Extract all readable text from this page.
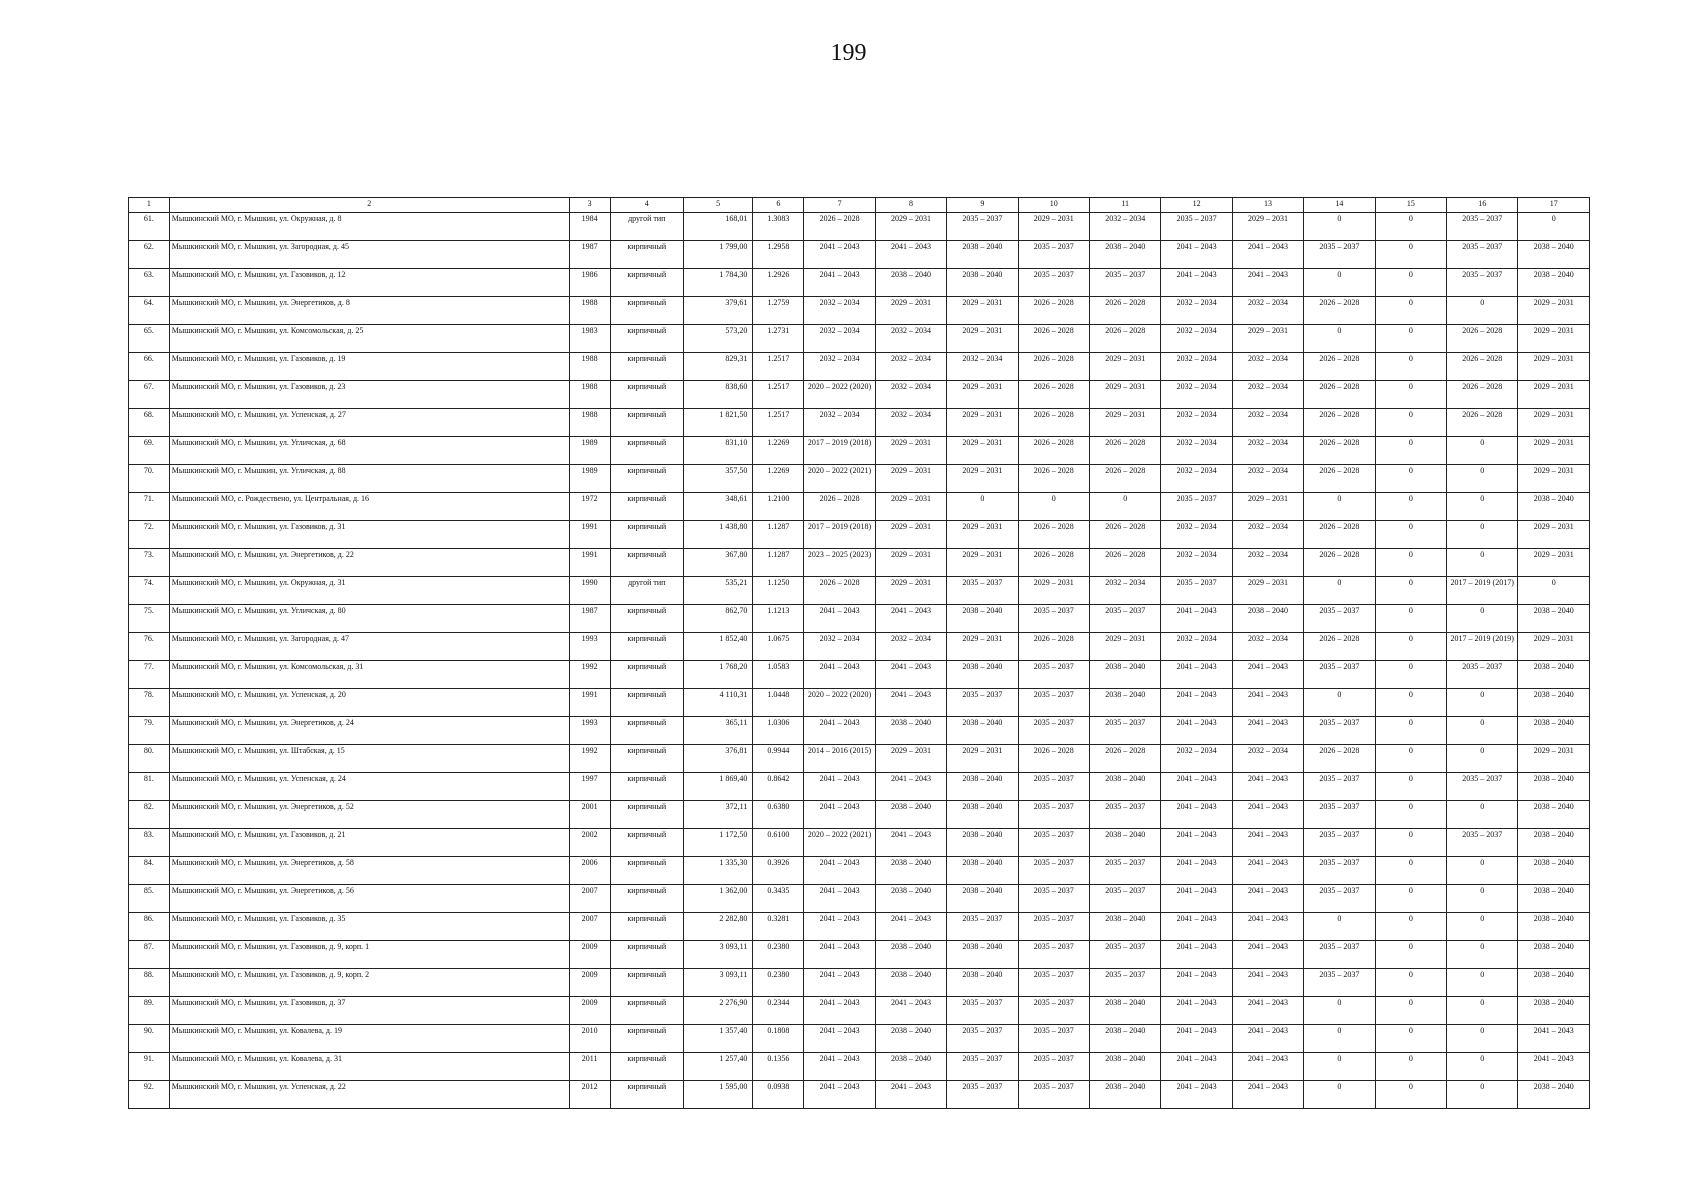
199
1	2	3	4	5	6	7	8	9	10	11	12	13	14	15	16	17
61.	Мышкинский МО, г. Мышкин, ул. Окружная, д. 8	1984	другой тип	168,01	1.3083	2026 – 2028	2029 – 2031	2035 – 2037	2029 – 2031	2032 – 2034	2035 – 2037	2029 – 2031	0	0	2035 – 2037	0
62.	Мышкинский МО, г. Мышкин, ул. Загородная, д. 45	1987	кирпичный	1 799,00	1.2958	2041 – 2043	2041 – 2043	2038 – 2040	2035 – 2037	2038 – 2040	2041 – 2043	2041 – 2043	2035 – 2037	0	2035 – 2037	2038 – 2040
63.	Мышкинский МО, г. Мышкин, ул. Газовиков, д. 12	1986	кирпичный	1 784,30	1.2926	2041 – 2043	2038 – 2040	2038 – 2040	2035 – 2037	2035 – 2037	2041 – 2043	2041 – 2043	0	0	2035 – 2037	2038 – 2040
64.	Мышкинский МО, г. Мышкин, ул. Энергетиков, д. 8	1988	кирпичный	379,61	1.2759	2032 – 2034	2029 – 2031	2029 – 2031	2026 – 2028	2026 – 2028	2032 – 2034	2032 – 2034	2026 – 2028	0	0	2029 – 2031
65.	Мышкинский МО, г. Мышкин, ул. Комсомольская, д. 25	1983	кирпичный	573,20	1.2731	2032 – 2034	2032 – 2034	2029 – 2031	2026 – 2028	2026 – 2028	2032 – 2034	2029 – 2031	0	0	2026 – 2028	2029 – 2031
66.	Мышкинский МО, г. Мышкин, ул. Газовиков, д. 19	1988	кирпичный	829,31	1.2517	2032 – 2034	2032 – 2034	2032 – 2034	2026 – 2028	2029 – 2031	2032 – 2034	2032 – 2034	2026 – 2028	0	2026 – 2028	2029 – 2031
67.	Мышкинский МО, г. Мышкин, ул. Газовиков, д. 23	1988	кирпичный	838,60	1.2517	2020 – 2022 (2020)	2032 – 2034	2029 – 2031	2026 – 2028	2029 – 2031	2032 – 2034	2032 – 2034	2026 – 2028	0	2026 – 2028	2029 – 2031
68.	Мышкинский МО, г. Мышкин, ул. Успенская, д. 27	1988	кирпичный	1 821,50	1.2517	2032 – 2034	2032 – 2034	2029 – 2031	2026 – 2028	2029 – 2031	2032 – 2034	2032 – 2034	2026 – 2028	0	2026 – 2028	2029 – 2031
69.	Мышкинский МО, г. Мышкин, ул. Угличская, д. 68	1989	кирпичный	831,10	1.2269	2017 – 2019 (2018)	2029 – 2031	2029 – 2031	2026 – 2028	2026 – 2028	2032 – 2034	2032 – 2034	2026 – 2028	0	0	2029 – 2031
70.	Мышкинский МО, г. Мышкин, ул. Угличская, д. 88	1989	кирпичный	357,50	1.2269	2020 – 2022 (2021)	2029 – 2031	2029 – 2031	2026 – 2028	2026 – 2028	2032 – 2034	2032 – 2034	2026 – 2028	0	0	2029 – 2031
71.	Мышкинский МО, с. Рождествено, ул. Центральная, д. 16	1972	кирпичный	348,61	1.2100	2026 – 2028	2029 – 2031	0	0	0	2035 – 2037	2029 – 2031	0	0	0	2038 – 2040
72.	Мышкинский МО, г. Мышкин, ул. Газовиков, д. 31	1991	кирпичный	1 438,80	1.1287	2017 – 2019 (2018)	2029 – 2031	2029 – 2031	2026 – 2028	2026 – 2028	2032 – 2034	2032 – 2034	2026 – 2028	0	0	2029 – 2031
73.	Мышкинский МО, г. Мышкин, ул. Энергетиков, д. 22	1991	кирпичный	367,80	1.1287	2023 – 2025 (2023)	2029 – 2031	2029 – 2031	2026 – 2028	2026 – 2028	2032 – 2034	2032 – 2034	2026 – 2028	0	0	2029 – 2031
74.	Мышкинский МО, г. Мышкин, ул. Окружная, д. 31	1990	другой тип	535,21	1.1250	2026 – 2028	2029 – 2031	2035 – 2037	2029 – 2031	2032 – 2034	2035 – 2037	2029 – 2031	0	0	2017 – 2019 (2017)	0
75.	Мышкинский МО, г. Мышкин, ул. Угличская, д. 80	1987	кирпичный	862,70	1.1213	2041 – 2043	2041 – 2043	2038 – 2040	2035 – 2037	2035 – 2037	2041 – 2043	2038 – 2040	2035 – 2037	0	0	2038 – 2040
76.	Мышкинский МО, г. Мышкин, ул. Загородная, д. 47	1993	кирпичный	1 852,40	1.0675	2032 – 2034	2032 – 2034	2029 – 2031	2026 – 2028	2029 – 2031	2032 – 2034	2032 – 2034	2026 – 2028	0	2017 – 2019 (2019)	2029 – 2031
77.	Мышкинский МО, г. Мышкин, ул. Комсомольская, д. 31	1992	кирпичный	1 768,20	1.0583	2041 – 2043	2041 – 2043	2038 – 2040	2035 – 2037	2038 – 2040	2041 – 2043	2041 – 2043	2035 – 2037	0	2035 – 2037	2038 – 2040
78.	Мышкинский МО, г. Мышкин, ул. Успенская, д. 20	1991	кирпичный	4 110,31	1.0448	2020 – 2022 (2020)	2041 – 2043	2035 – 2037	2035 – 2037	2038 – 2040	2041 – 2043	2041 – 2043	0	0	0	2038 – 2040
79.	Мышкинский МО, г. Мышкин, ул. Энергетиков, д. 24	1993	кирпичный	365,11	1.0306	2041 – 2043	2038 – 2040	2038 – 2040	2035 – 2037	2035 – 2037	2041 – 2043	2041 – 2043	2035 – 2037	0	0	2038 – 2040
80.	Мышкинский МО, г. Мышкин, ул. Штабская, д. 15	1992	кирпичный	376,81	0.9944	2014 – 2016 (2015)	2029 – 2031	2029 – 2031	2026 – 2028	2026 – 2028	2032 – 2034	2032 – 2034	2026 – 2028	0	0	2029 – 2031
81.	Мышкинский МО, г. Мышкин, ул. Успенская, д. 24	1997	кирпичный	1 869,40	0.8642	2041 – 2043	2041 – 2043	2038 – 2040	2035 – 2037	2038 – 2040	2041 – 2043	2041 – 2043	2035 – 2037	0	2035 – 2037	2038 – 2040
82.	Мышкинский МО, г. Мышкин, ул. Энергетиков, д. 52	2001	кирпичный	372,11	0.6380	2041 – 2043	2038 – 2040	2038 – 2040	2035 – 2037	2035 – 2037	2041 – 2043	2041 – 2043	2035 – 2037	0	0	2038 – 2040
83.	Мышкинский МО, г. Мышкин, ул. Газовиков, д. 21	2002	кирпичный	1 172,50	0.6100	2020 – 2022 (2021)	2041 – 2043	2038 – 2040	2035 – 2037	2038 – 2040	2041 – 2043	2041 – 2043	2035 – 2037	0	2035 – 2037	2038 – 2040
84.	Мышкинский МО, г. Мышкин, ул. Энергетиков, д. 58	2006	кирпичный	1 335,30	0.3926	2041 – 2043	2038 – 2040	2038 – 2040	2035 – 2037	2035 – 2037	2041 – 2043	2041 – 2043	2035 – 2037	0	0	2038 – 2040
85.	Мышкинский МО, г. Мышкин, ул. Энергетиков, д. 56	2007	кирпичный	1 362,00	0.3435	2041 – 2043	2038 – 2040	2038 – 2040	2035 – 2037	2035 – 2037	2041 – 2043	2041 – 2043	2035 – 2037	0	0	2038 – 2040
86.	Мышкинский МО, г. Мышкин, ул. Газовиков, д. 35	2007	кирпичный	2 282,80	0.3281	2041 – 2043	2041 – 2043	2035 – 2037	2035 – 2037	2038 – 2040	2041 – 2043	2041 – 2043	0	0	0	2038 – 2040
87.	Мышкинский МО, г. Мышкин, ул. Газовиков, д. 9, корп. 1	2009	кирпичный	3 093,11	0.2380	2041 – 2043	2038 – 2040	2038 – 2040	2035 – 2037	2035 – 2037	2041 – 2043	2041 – 2043	2035 – 2037	0	0	2038 – 2040
88.	Мышкинский МО, г. Мышкин, ул. Газовиков, д. 9, корп. 2	2009	кирпичный	3 093,11	0.2380	2041 – 2043	2038 – 2040	2038 – 2040	2035 – 2037	2035 – 2037	2041 – 2043	2041 – 2043	2035 – 2037	0	0	2038 – 2040
89.	Мышкинский МО, г. Мышкин, ул. Газовиков, д. 37	2009	кирпичный	2 276,90	0.2344	2041 – 2043	2041 – 2043	2035 – 2037	2035 – 2037	2038 – 2040	2041 – 2043	2041 – 2043	0	0	0	2038 – 2040
90.	Мышкинский МО, г. Мышкин, ул. Ковалева, д. 19	2010	кирпичный	1 357,40	0.1808	2041 – 2043	2038 – 2040	2035 – 2037	2035 – 2037	2038 – 2040	2041 – 2043	2041 – 2043	0	0	0	2041 – 2043
91.	Мышкинский МО, г. Мышкин, ул. Ковалева, д. 31	2011	кирпичный	1 257,40	0.1356	2041 – 2043	2038 – 2040	2035 – 2037	2035 – 2037	2038 – 2040	2041 – 2043	2041 – 2043	0	0	0	2041 – 2043
92.	Мышкинский МО, г. Мышкин, ул. Успенская, д. 22	2012	кирпичный	1 595,00	0.0938	2041 – 2043	2041 – 2043	2035 – 2037	2035 – 2037	2038 – 2040	2041 – 2043	2041 – 2043	0	0	0	2038 – 2040
